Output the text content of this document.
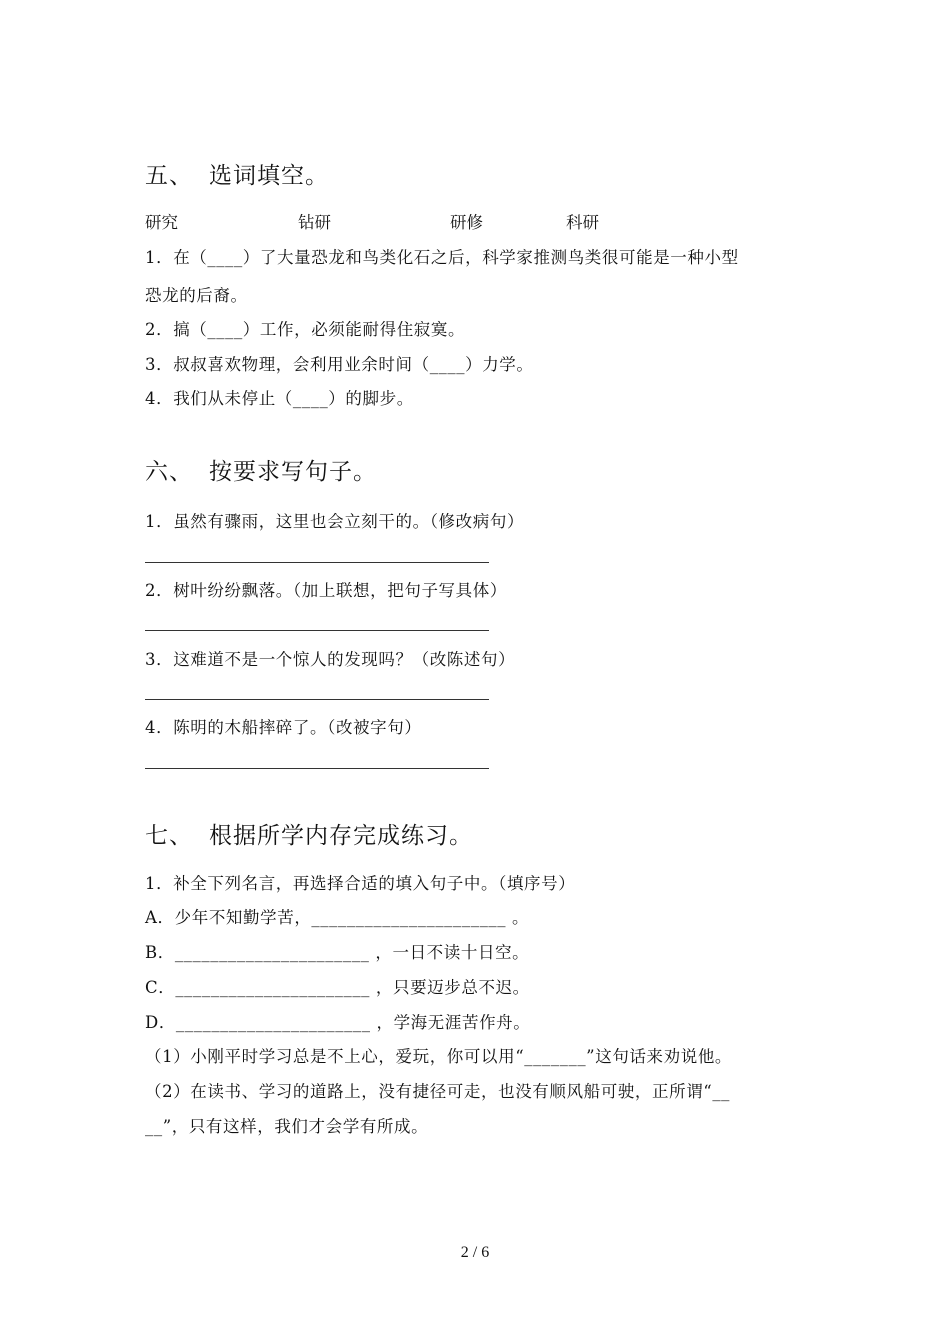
五、 选词填空。
研究	钻研	研修	科研
1．在（____）了大量恐龙和鸟类化石之后，科学家推测鸟类很可能是一种小型
恐龙的后裔。
2．搞（____）工作，必须能耐得住寂寞。
3．叔叔喜欢物理，会利用业余时间（____）力学。
4．我们从未停止（____）的脚步。
六、 按要求写句子。
1．虽然有骤雨，这里也会立刻干的。（修改病句）
2．树叶纷纷飘落。（加上联想，把句子写具体）
3．这难道不是一个惊人的发现吗？（改陈述句）
4．陈明的木船摔碎了。（改被字句）
七、 根据所学内存完成练习。
1．补全下列名言，再选择合适的填入句子中。（填序号）
A．少年不知勤学苦，______________________ 。
B．______________________ ，一日不读十日空。
C．______________________ ，只要迈步总不迟。
D．______________________ ，学海无涯苦作舟。
（1）小刚平时学习总是不上心，爱玩，你可以用“_______”这句话来劝说他。
（2）在读书、学习的道路上，没有捷径可走，也没有顺风船可驶，正所谓“__
__”，只有这样，我们才会学有所成。
2 / 6
